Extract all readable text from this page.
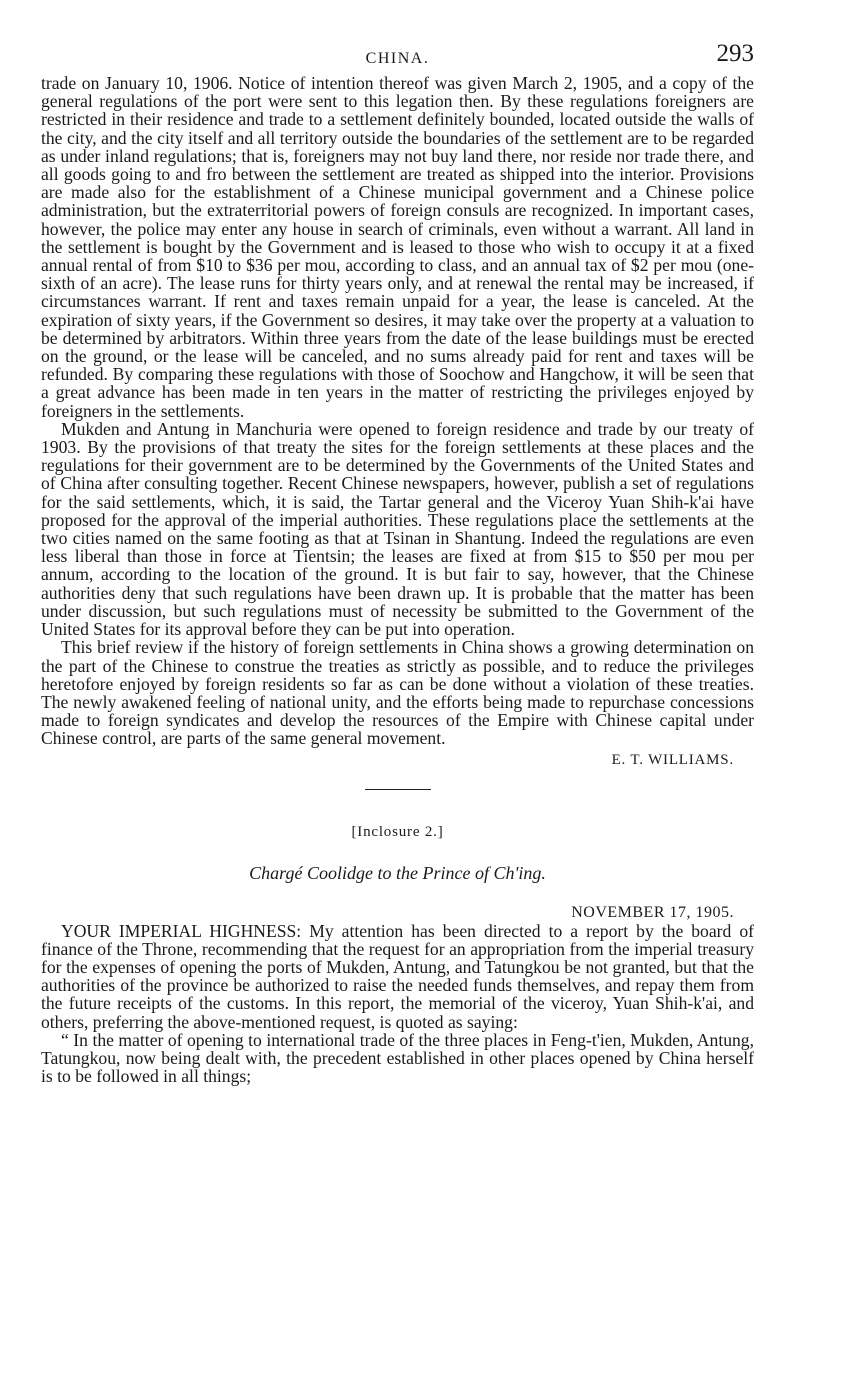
CHINA.	293

trade on January 10, 1906. Notice of intention thereof was given March 2, 1905, and a copy of the general regulations of the port were sent to this legation then. By these regulations foreigners are restricted in their residence and trade to a settlement definitely bounded, located outside the walls of the city, and the city itself and all territory outside the boundaries of the settlement are to be regarded as under inland regulations; that is, foreigners may not buy land there, nor reside nor trade there, and all goods going to and fro between the settlement are treated as shipped into the interior. Provisions are made also for the establishment of a Chinese municipal government and a Chinese police administration, but the extraterritorial powers of foreign consuls are recognized. In important cases, however, the police may enter any house in search of criminals, even without a warrant. All land in the settlement is bought by the Government and is leased to those who wish to occupy it at a fixed annual rental of from $10 to $36 per mou, according to class, and an annual tax of $2 per mou (one-sixth of an acre). The lease runs for thirty years only, and at renewal the rental may be increased, if circumstances warrant. If rent and taxes remain unpaid for a year, the lease is canceled. At the expiration of sixty years, if the Government so desires, it may take over the property at a valuation to be determined by arbitrators. Within three years from the date of the lease buildings must be erected on the ground, or the lease will be canceled, and no sums already paid for rent and taxes will be refunded. By comparing these regulations with those of Soochow and Hangchow, it will be seen that a great advance has been made in ten years in the matter of restricting the privileges enjoyed by foreigners in the settlements.

Mukden and Antung in Manchuria were opened to foreign residence and trade by our treaty of 1903. By the provisions of that treaty the sites for the foreign settlements at these places and the regulations for their government are to be determined by the Governments of the United States and of China after consulting together. Recent Chinese newspapers, however, publish a set of regulations for the said settlements, which, it is said, the Tartar general and the Viceroy Yuan Shih-k'ai have proposed for the approval of the imperial authorities. These regulations place the settlements at the two cities named on the same footing as that at Tsinan in Shantung. Indeed the regulations are even less liberal than those in force at Tientsin; the leases are fixed at from $15 to $50 per mou per annum, according to the location of the ground. It is but fair to say, however, that the Chinese authorities deny that such regulations have been drawn up. It is probable that the matter has been under discussion, but such regulations must of necessity be submitted to the Government of the United States for its approval before they can be put into operation.

This brief review if the history of foreign settlements in China shows a growing determination on the part of the Chinese to construe the treaties as strictly as possible, and to reduce the privileges heretofore enjoyed by foreign residents so far as can be done without a violation of these treaties. The newly awakened feeling of national unity, and the efforts being made to repurchase concessions made to foreign syndicates and develop the resources of the Empire with Chinese capital under Chinese control, are parts of the same general movement.

E. T. WILLIAMS.
[Inclosure 2.]
Chargé Coolidge to the Prince of Ch'ing.
NOVEMBER 17, 1905.

YOUR IMPERIAL HIGHNESS: My attention has been directed to a report by the board of finance of the Throne, recommending that the request for an appropriation from the imperial treasury for the expenses of opening the ports of Mukden, Antung, and Tatungkou be not granted, but that the authorities of the province be authorized to raise the needed funds themselves, and repay them from the future receipts of the customs. In this report, the memorial of the viceroy, Yuan Shih-k'ai, and others, preferring the above-mentioned request, is quoted as saying:

“ In the matter of opening to international trade of the three places in Feng-t'ien, Mukden, Antung, Tatungkou, now being dealt with, the precedent established in other places opened by China herself is to be followed in all things;
